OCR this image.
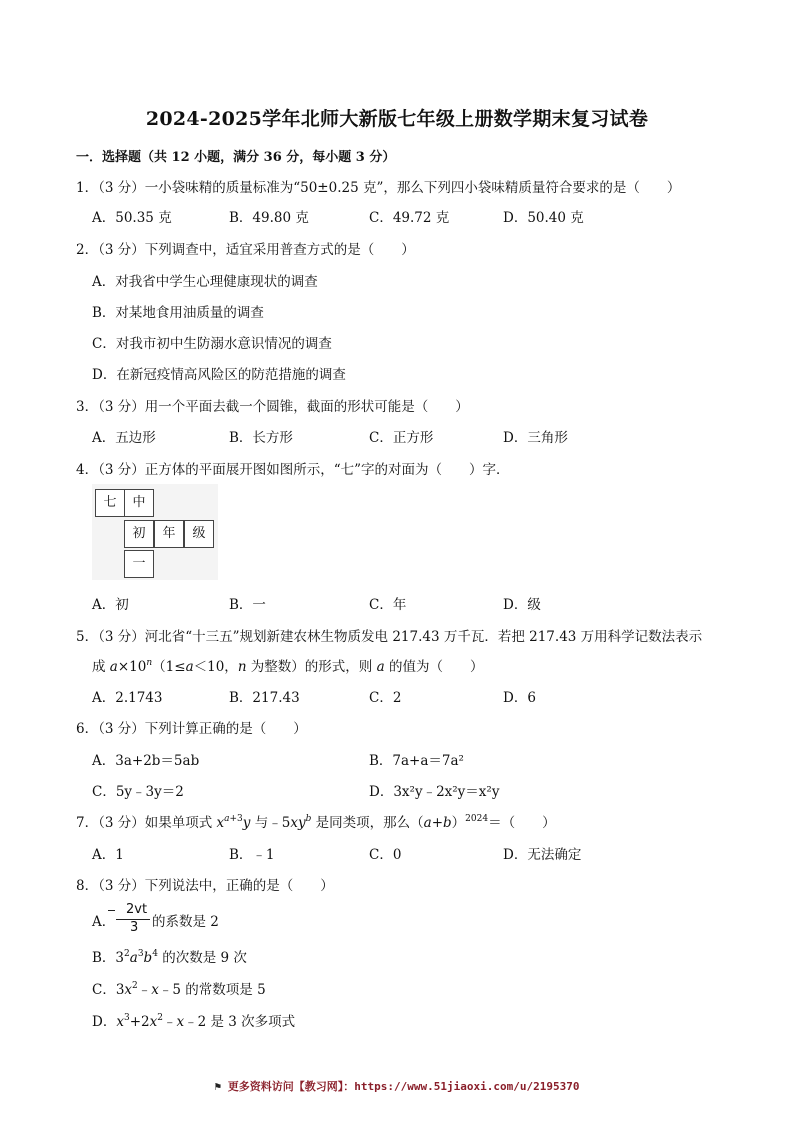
2024-2025学年北师大新版七年级上册数学期末复习试卷
一．选择题（共 12 小题，满分 36 分，每小题 3 分）
1．（3 分）一小袋味精的质量标准为“50±0.25 克”，那么下列四小袋味精质量符合要求的是（　　）
A．50.35 克	B．49.80 克	C．49.72 克	D．50.40 克
2．（3 分）下列调查中，适宜采用普查方式的是（　　）
A．对我省中学生心理健康现状的调查
B．对某地食用油质量的调查
C．对我市初中生防溺水意识情况的调查
D．在新冠疫情高风险区的防范措施的调查
3．（3 分）用一个平面去截一个圆锥，截面的形状可能是（　　）
A．五边形	B．长方形	C．正方形	D．三角形
4．（3 分）正方体的平面展开图如图所示，“七”字的对面为（　　）字．
七	中
初	年	级
一
A．初	B．一	C．年	D．级
5．（3 分）河北省“十三五”规划新建农林生物质发电 217.43 万千瓦．若把 217.43 万用科学记数法表示
成 $a\times 10^n(1\le a<10$，n 为整数）的形式，则 a 的值为（　　）
A．2.1743	B．217.43	C．2	D．6
6．（3 分）下列计算正确的是（　　）
A．3a+2b＝5ab	B．7a+a＝7a²
C．5y﹣3y＝2	D．3x²y﹣2x²y＝x²y
7．（3 分）如果单项式 $x^{a+3}y$ 与$﹣5xy^b$ 是同类项，那么$(a+b)^{2024}=$（　　）
A．1	B．﹣1	C．0	D．无法确定
8．（3 分）下列说法中，正确的是（　　）
A．
2vt
3 的系数是 2
B．$3^2a^3b^4$ 的次数是 9 次
C．$3x^2﹣x﹣5$ 的常数项是 5
D．$x^3+2x^2﹣x﹣2$ 是 3 次多项式
⚑ 更多资料访问【教习网】：https://www.51jiaoxi.com/u/2195370
